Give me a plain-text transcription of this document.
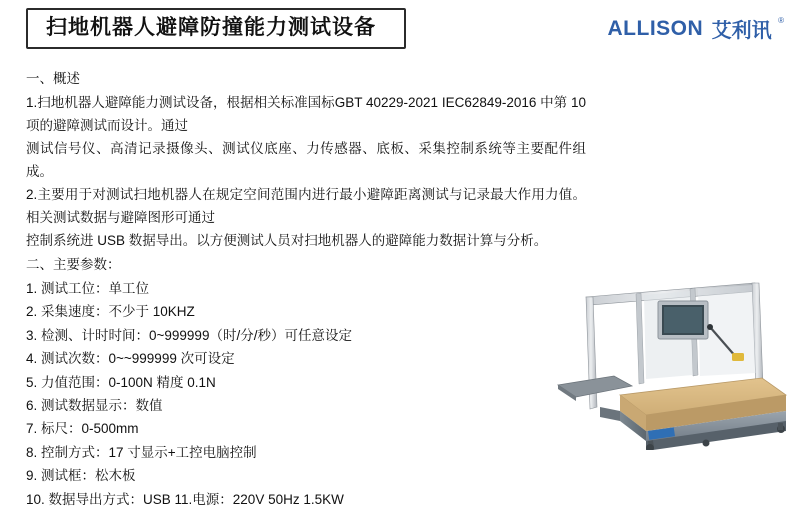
扫地机器人避障防撞能力测试设备	ALLISON 艾利讯 ®
一、概述

1.扫地机器人避障能力测试设备，根据相关标准国标GBT 40229-2021 IEC62849-2016 中第 10 项的避障测试而设计。通过
测试信号仪、高清记录摄像头、测试仪底座、力传感器、底板、采集控制系统等主要配件组成。

2.主要用于对测试扫地机器人在规定空间范围内进行最小避障距离测试与记录最大作用力值。相关测试数据与避障图形可通过
控制系统进 USB 数据导出。以方便测试人员对扫地机器人的避障能力数据计算与分析。

二、主要参数：
1. 测试工位：单工位
2. 采集速度：不少于 10KHZ
3. 检测、计时时间：0~999999（时/分/秒）可任意设定
4. 测试次数：0~~999999 次可设定
5. 力值范围：0-100N 精度 0.1N
6. 测试数据显示：数值
7. 标尺：0-500mm
8. 控制方式：17 寸显示+工控电脑控制
9. 测试框：松木板
10. 数据导出方式：USB 11.电源：220V 50Hz 1.5KW
